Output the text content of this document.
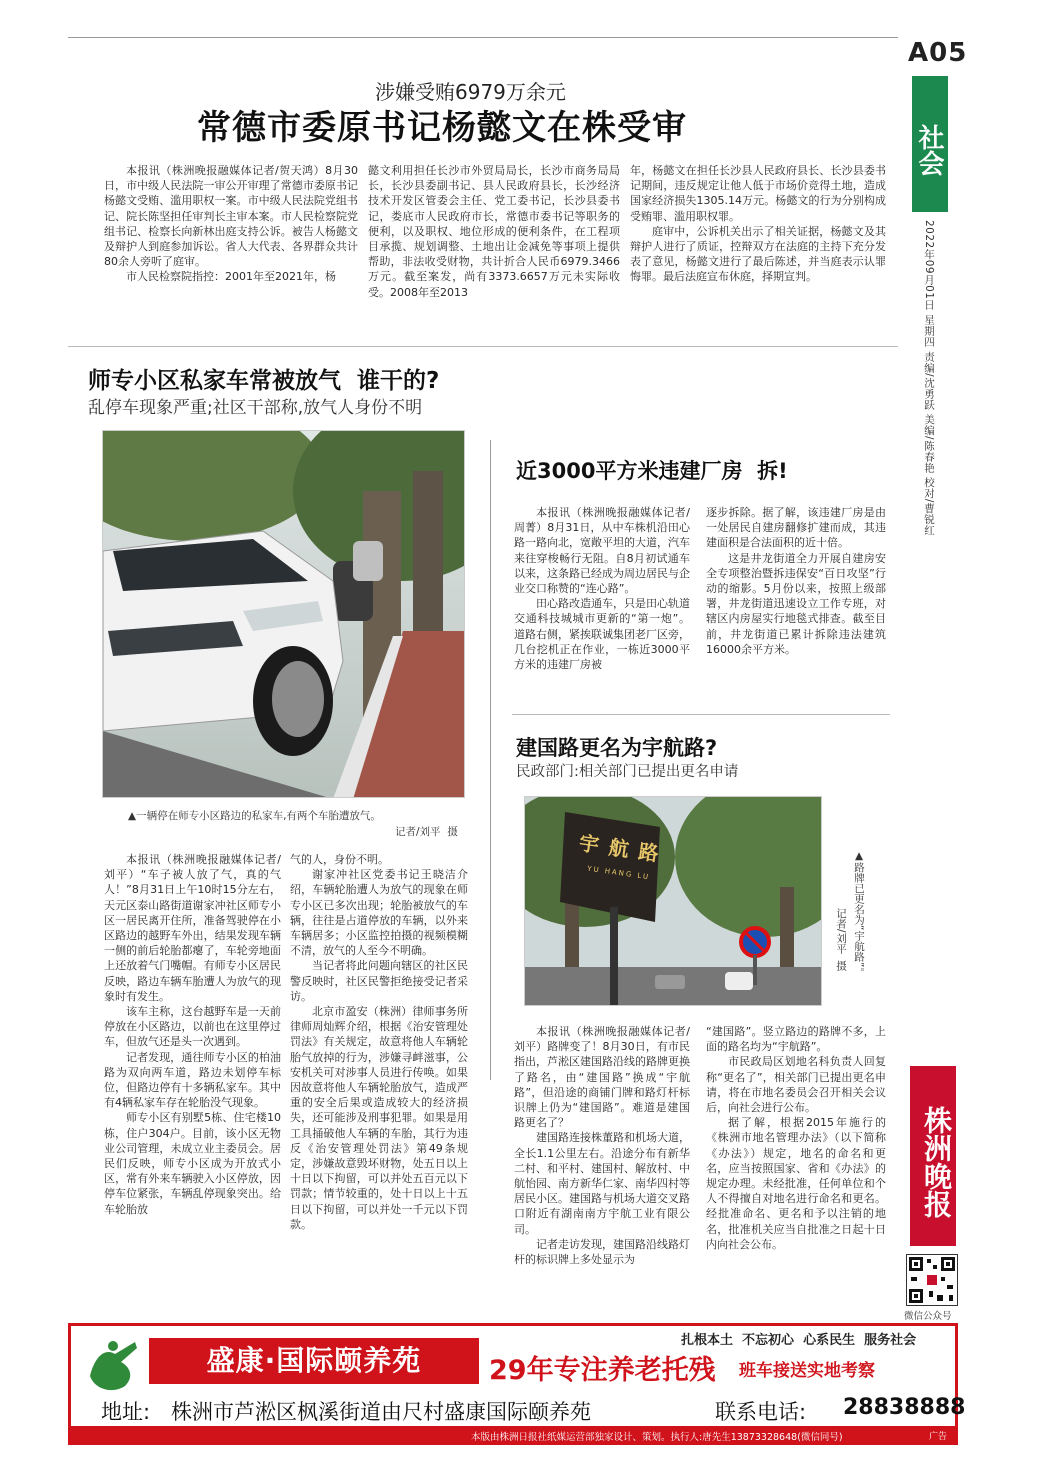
A05
社会
2022年09月01日 星期四 责编/沈勇跃 美编/陈春艳 校对/曹锐红
涉嫌受贿6979万余元
常德市委原书记杨懿文在株受审

本报讯（株洲晚报融媒体记者/贺天鸿）8月30日，市中级人民法院一审公开审理了常德市委原书记杨懿文受贿、滥用职权一案。市中级人民法院党组书记、院长陈坚担任审判长主审本案。市人民检察院党组书记、检察长向新林出庭支持公诉。被告人杨懿文及辩护人到庭参加诉讼。省人大代表、各界群众共计80余人旁听了庭审。

市人民检察院指控：2001年至2021年，杨

懿文利用担任长沙市外贸局局长，长沙市商务局局长，长沙县委副书记、县人民政府县长，长沙经济技术开发区管委会主任、党工委书记，长沙县委书记，娄底市人民政府市长，常德市委书记等职务的便利，以及职权、地位形成的便利条件，在工程项目承揽、规划调整、土地出让金减免等事项上提供帮助，非法收受财物，共计折合人民币6979.3466万元。截至案发，尚有3373.6657万元未实际收受。2008年至2013

年，杨懿文在担任长沙县人民政府县长、长沙县委书记期间，违反规定让他人低于市场价竞得土地，造成国家经济损失1305.14万元。杨懿文的行为分别构成受贿罪、滥用职权罪。

庭审中，公诉机关出示了相关证据，杨懿文及其辩护人进行了质证，控辩双方在法庭的主持下充分发表了意见，杨懿文进行了最后陈述，并当庭表示认罪悔罪。最后法庭宣布休庭，择期宣判。

师专小区私家车常被放气  谁干的?
乱停车现象严重;社区干部称,放气人身份不明
▲一辆停在师专小区路边的私家车,有两个车胎遭放气。
记者/刘平  摄

本报讯（株洲晚报融媒体记者/刘平）“车子被人放了气，真的气人！”8月31日上午10时15分左右，天元区泰山路街道谢家冲社区师专小区一居民离开住所，准备驾驶停在小区路边的越野车外出，结果发现车辆一侧的前后轮胎都瘪了，车轮旁地面上还放着气门嘴帽。有师专小区居民反映，路边车辆车胎遭人为放气的现象时有发生。

该车主称，这台越野车是一天前停放在小区路边，以前也在这里停过车，但放气还是头一次遇到。

记者发现，通往师专小区的柏油路为双向两车道，路边未划停车标位，但路边停有十多辆私家车。其中有4辆私家车存在轮胎没气现象。

师专小区有别墅5栋、住宅楼10栋，住户304户。目前，该小区无物业公司管理，未成立业主委员会。居民们反映，师专小区成为开放式小区，常有外来车辆驶入小区停放，因停车位紧张，车辆乱停现象突出。给车轮胎放

气的人，身份不明。

谢家冲社区党委书记王晓洁介绍，车辆轮胎遭人为放气的现象在师专小区已多次出现；轮胎被放气的车辆，往往是占道停放的车辆，以外来车辆居多；小区监控拍摄的视频模糊不清，放气的人至今不明确。

当记者将此问题向辖区的社区民警反映时，社区民警拒绝接受记者采访。

北京市盈安（株洲）律师事务所律师周灿辉介绍，根据《治安管理处罚法》有关规定，故意将他人车辆轮胎气放掉的行为，涉嫌寻衅滋事，公安机关可对涉事人员进行传唤。如果因故意将他人车辆轮胎放气，造成严重的安全后果或造成较大的经济损失，还可能涉及刑事犯罪。如果是用工具捅破他人车辆的车胎，其行为违反《治安管理处罚法》第49条规定，涉嫌故意毁坏财物，处五日以上十日以下拘留，可以并处五百元以下罚款；情节较重的，处十日以上十五日以下拘留，可以并处一千元以下罚款。

近3000平方米违建厂房  拆!

本报讯（株洲晚报融媒体记者/周菁）8月31日，从中车株机沿田心路一路向北，宽敞平坦的大道，汽车来往穿梭畅行无阻。自8月初试通车以来，这条路已经成为周边居民与企业交口称赞的“连心路”。

田心路改造通车，只是田心轨道交通科技城城市更新的“第一炮”。道路右侧，紧挨联诚集团老厂区旁，几台挖机正在作业，一栋近3000平方米的违建厂房被

逐步拆除。据了解，该违建厂房是由一处居民自建房翻修扩建而成，其违建面积是合法面积的近十倍。

这是井龙街道全力开展自建房安全专项整治暨拆违保安“百日攻坚”行动的缩影。5月份以来，按照上级部署，井龙街道迅速设立工作专班，对辖区内房屋实行地毯式排查。截至目前，井龙街道已累计拆除违法建筑16000余平方米。

建国路更名为宇航路?
民政部门:相关部门已提出更名申请
宇航路
YU HANG LU	▲路牌已更名为“宇航路”。
记者/刘平  摄

本报讯（株洲晚报融媒体记者/刘平）路牌变了！8月30日，有市民指出，芦淞区建国路沿线的路牌更换了路名，由“建国路”换成“宇航路”，但沿途的商铺门牌和路灯杆标识牌上仍为“建国路”。难道是建国路更名了？

建国路连接株董路和机场大道，全长1.1公里左右。沿途分布有新华二村、和平村、建国村、解放村、中航怡园、南方新华仁家、南华四村等居民小区。建国路与机场大道交叉路口附近有湖南南方宇航工业有限公司。

记者走访发现，建国路沿线路灯杆的标识牌上多处显示为

“建国路”。竖立路边的路牌不多，上面的路名均为“宇航路”。

市民政局区划地名科负责人回复称“更名了”，相关部门已提出更名申请，将在市地名委员会召开相关会议后，向社会进行公布。

据了解，根据2015年施行的《株洲市地名管理办法》（以下简称《办法》）规定，地名的命名和更名，应当按照国家、省和《办法》的规定办理。未经批准，任何单位和个人不得擅自对地名进行命名和更名。经批准命名、更名和予以注销的地名，批准机关应当自批准之日起十日内向社会公布。

株洲晚报
微信公众号
盛康·国际颐养苑
扎根本土  不忘初心  心系民生  服务社会
29年专注养老托残 班车接送实地考察
地址: 株洲市芦淞区枫溪街道由尺村盛康国际颐养苑	联系电话: 28838888
本版由株洲日报社纸媒运营部独家设计、策划。执行人:唐先生13873328648(微信同号)	广告
